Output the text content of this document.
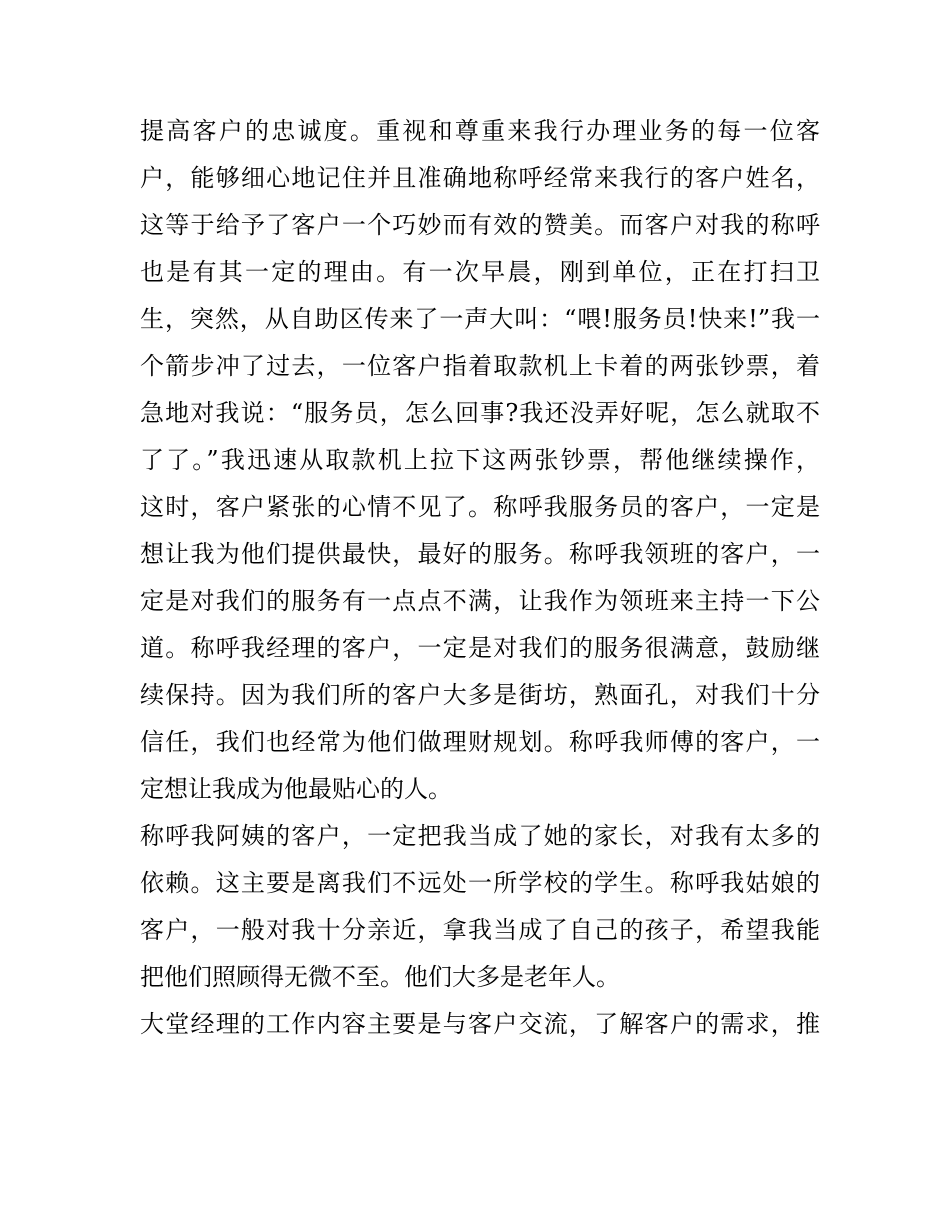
提高客户的忠诚度。重视和尊重来我行办理业务的每一位客
户，能够细心地记住并且准确地称呼经常来我行的客户姓名，
这等于给予了客户一个巧妙而有效的赞美。而客户对我的称呼
也是有其一定的理由。有一次早晨，刚到单位，正在打扫卫
生，突然，从自助区传来了一声大叫：“喂!服务员!快来!”我一
个箭步冲了过去，一位客户指着取款机上卡着的两张钞票，着
急地对我说：“服务员，怎么回事?我还没弄好呢，怎么就取不
了了。”我迅速从取款机上拉下这两张钞票，帮他继续操作，
这时，客户紧张的心情不见了。称呼我服务员的客户，一定是
想让我为他们提供最快，最好的服务。称呼我领班的客户，一
定是对我们的服务有一点点不满，让我作为领班来主持一下公
道。称呼我经理的客户，一定是对我们的服务很满意，鼓励继
续保持。因为我们所的客户大多是街坊，熟面孔，对我们十分
信任，我们也经常为他们做理财规划。称呼我师傅的客户，一
定想让我成为他最贴心的人。
称呼我阿姨的客户，一定把我当成了她的家长，对我有太多的
依赖。这主要是离我们不远处一所学校的学生。称呼我姑娘的
客户，一般对我十分亲近，拿我当成了自己的孩子，希望我能
把他们照顾得无微不至。他们大多是老年人。
大堂经理的工作内容主要是与客户交流，了解客户的需求，推
